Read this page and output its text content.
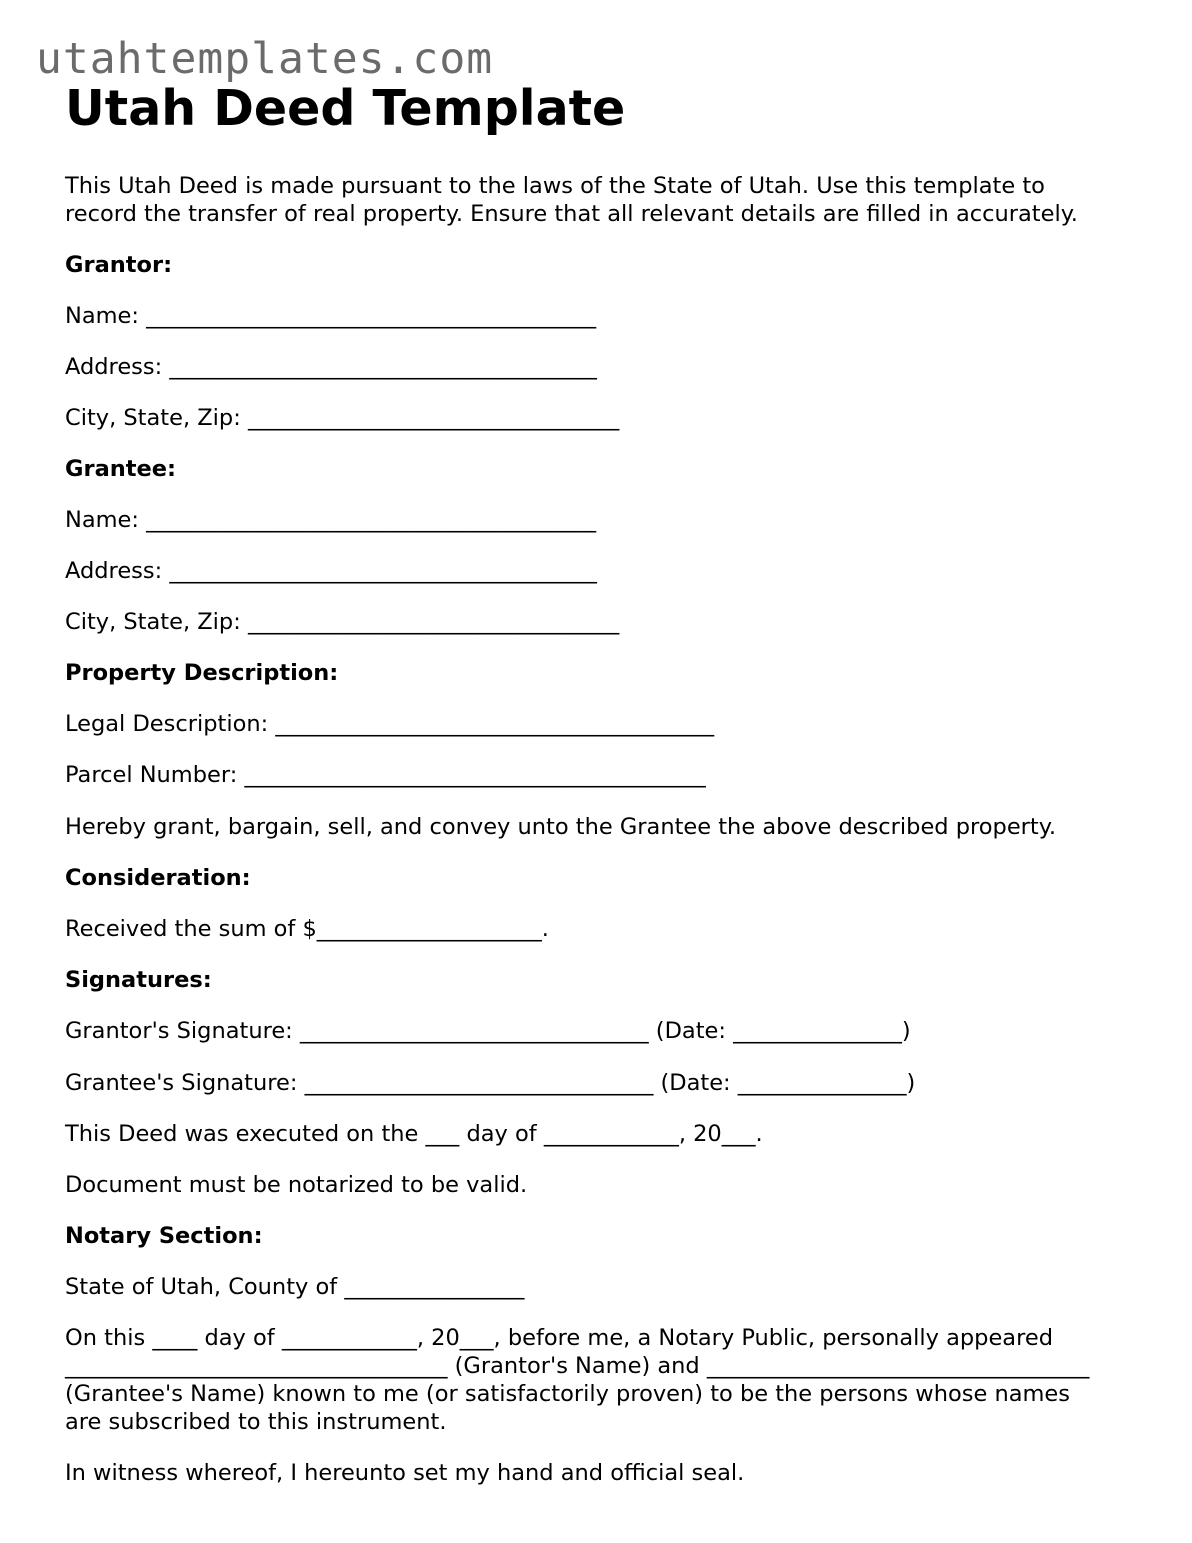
utahtemplates.com
Utah Deed Template

This Utah Deed is made pursuant to the laws of the State of Utah. Use this template to

record the transfer of real property. Ensure that all relevant details are filled in accurately.

Grantor:

Name: ________________________________________

Address: ______________________________________

City, State, Zip: _________________________________

Grantee:

Name: ________________________________________

Address: ______________________________________

City, State, Zip: _________________________________

Property Description:

Legal Description: _______________________________________

Parcel Number: _________________________________________

Hereby grant, bargain, sell, and convey unto the Grantee the above described property.

Consideration:

Received the sum of $____________________.

Signatures:

Grantor's Signature: _______________________________ (Date: _______________)

Grantee's Signature: _______________________________ (Date: _______________)

This Deed was executed on the ___ day of ____________, 20___.

Document must be notarized to be valid.

Notary Section:

State of Utah, County of ________________

On this ____ day of ____________, 20___, before me, a Notary Public, personally appeared

__________________________________ (Grantor's Name) and __________________________________

(Grantee's Name) known to me (or satisfactorily proven) to be the persons whose names

are subscribed to this instrument.

In witness whereof, I hereunto set my hand and official seal.
